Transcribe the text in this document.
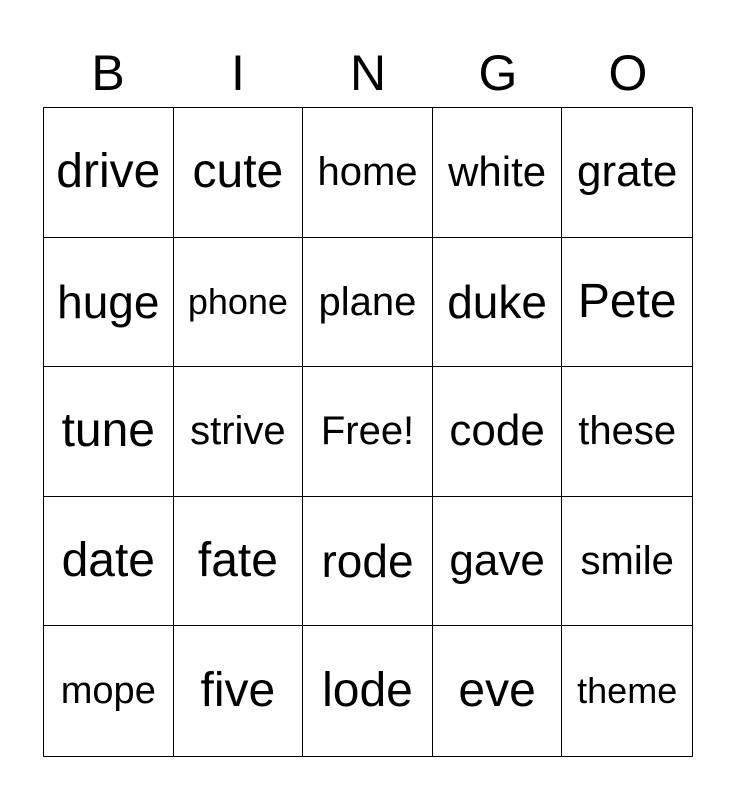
B	I	N	G	O
drive cute home white grate
huge phone plane duke Pete
tune strive Free! code these
date fate rode gave smile
mope five lode eve	theme
